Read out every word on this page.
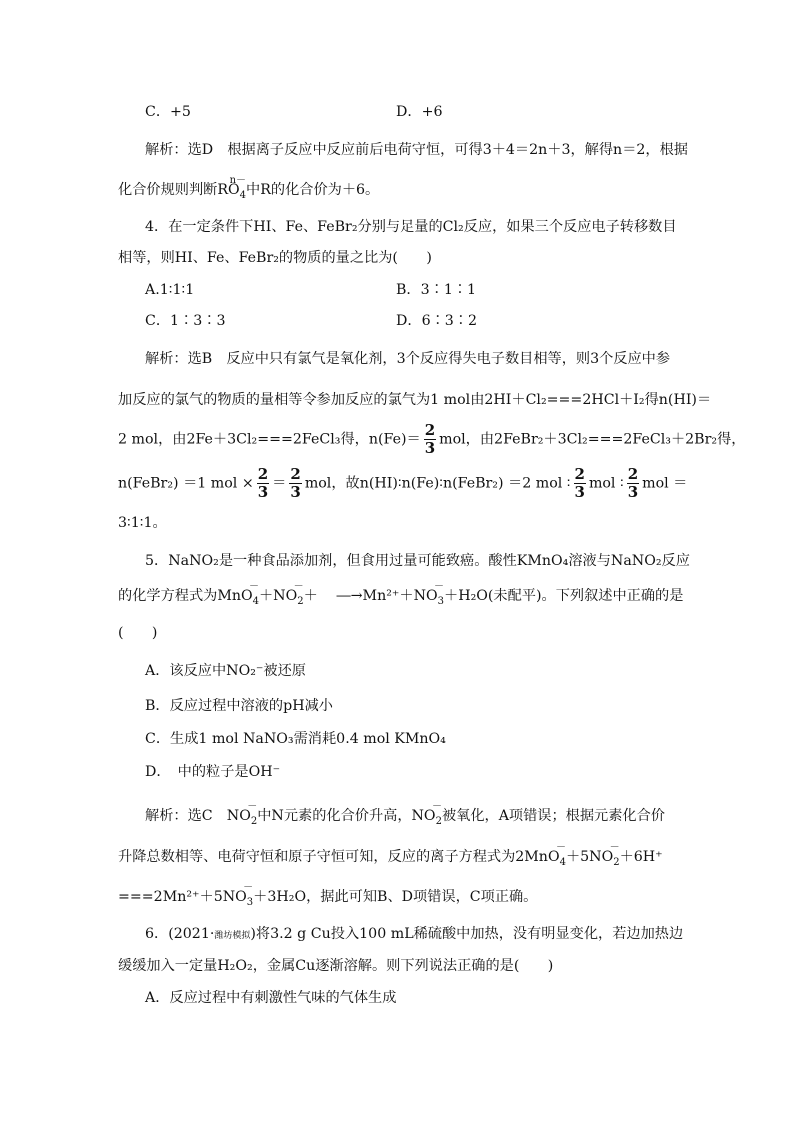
C．+5	D．+6
解析：选D　根据离子反应中反应前后电荷守恒，可得3＋4＝2n＋3，解得n＝2，根据
化合价规则判断RO
n－
$_4$中R的化合价为＋6。
4．在一定条件下HI、Fe、FeBr₂分别与足量的Cl₂反应，如果三个反应电子转移数目
相等，则HI、Fe、FeBr₂的物质的量之比为(　　)
A.1∶1∶1	B．3∶1∶1
C．1∶3∶3	D．6∶3∶2
解析：选B　反应中只有氯气是氧化剂，3个反应得失电子数目相等，则3个反应中参
加反应的氯气的物质的量相等令参加反应的氯气为1 mol由2HI＋Cl₂===2HCl＋I₂得n(HI)＝
2 mol，由2Fe＋3Cl₂===2FeCl₃得，$n(Fe)= \frac{2}{3}$ mol，由2FeBr₂＋3Cl₂===2FeCl₃＋2Br₂得，
n(FeBr₂) ＝1 mol × $\frac{2}{3} = \frac{2}{3}$ mol，故n(HI)∶n(Fe)∶n(FeBr₂) ＝2 mol ∶ $\frac{2}{3}$ mol ∶ $\frac{2}{3}$ mol ＝
3∶1∶1。
5．NaNO₂是一种食品添加剂，但食用过量可能致癌。酸性KMnO₄溶液与NaNO₂反应
的化学方程式为MnO
－
$_4$＋NO
－
$_2$＋　 ―→Mn²⁺＋NO
－
$_3$＋H₂O(未配平)。下列叙述中正确的是
(　　)
A．该反应中NO₂⁻被还原
B．反应过程中溶液的pH减小
C．生成1 mol NaNO₃需消耗0.4 mol KMnO₄
D．　中的粒子是OH⁻
解析：选C　NO
－
$_2$中N元素的化合价升高，NO
－
$_2$被氧化，A项错误；根据元素化合价
升降总数相等、电荷守恒和原子守恒可知，反应的离子方程式为2MnO
－
$_4$＋5NO
－
$_2$＋6H⁺
===2Mn²⁺＋5NO
－
$_3$＋3H₂O，据此可知B、D项错误，C项正确。
6．(2021·潍坊模拟)将3.2 g Cu投入100 mL稀硫酸中加热，没有明显变化，若边加热边
缓缓加入一定量H₂O₂，金属Cu逐渐溶解。则下列说法正确的是(　　)
A．反应过程中有刺激性气味的气体生成
